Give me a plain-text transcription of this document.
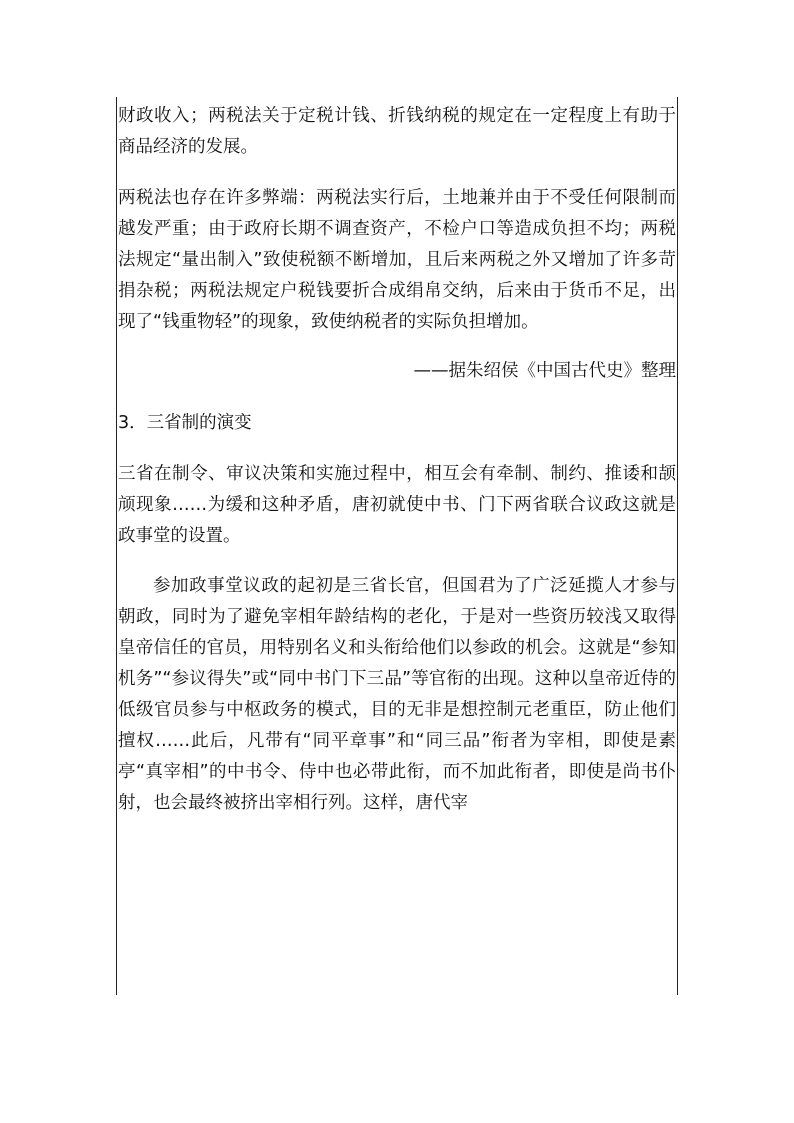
财政收入；两税法关于定税计钱、折钱纳税的规定在一定程度上有助于商品经济的发展。

两税法也存在许多弊端：两税法实行后，土地兼并由于不受任何限制而越发严重；由于政府长期不调查资产，不检户口等造成负担不均；两税法规定“量出制入”致使税额不断增加，且后来两税之外又增加了许多苛捐杂税；两税法规定户税钱要折合成绢帛交纳，后来由于货币不足，出现了“钱重物轻”的现象，致使纳税者的实际负担增加。

——据朱绍侯《中国古代史》整理

3．三省制的演变

三省在制令、审议决策和实施过程中，相互会有牵制、制约、推诿和颉颃现象……为缓和这种矛盾，唐初就使中书、门下两省联合议政这就是政事堂的设置。

参加政事堂议政的起初是三省长官，但国君为了广泛延揽人才参与朝政，同时为了避免宰相年龄结构的老化，于是对一些资历较浅又取得皇帝信任的官员，用特别名义和头衔给他们以参政的机会。这就是“参知机务”“参议得失”或“同中书门下三品”等官衔的出现。这种以皇帝近侍的低级官员参与中枢政务的模式，目的无非是想控制元老重臣，防止他们擅权……此后，凡带有“同平章事”和“同三品”衔者为宰相，即使是素亭“真宰相”的中书令、侍中也必带此衔，而不加此衔者，即使是尚书仆射，也会最终被挤出宰相行列。这样，唐代宰
